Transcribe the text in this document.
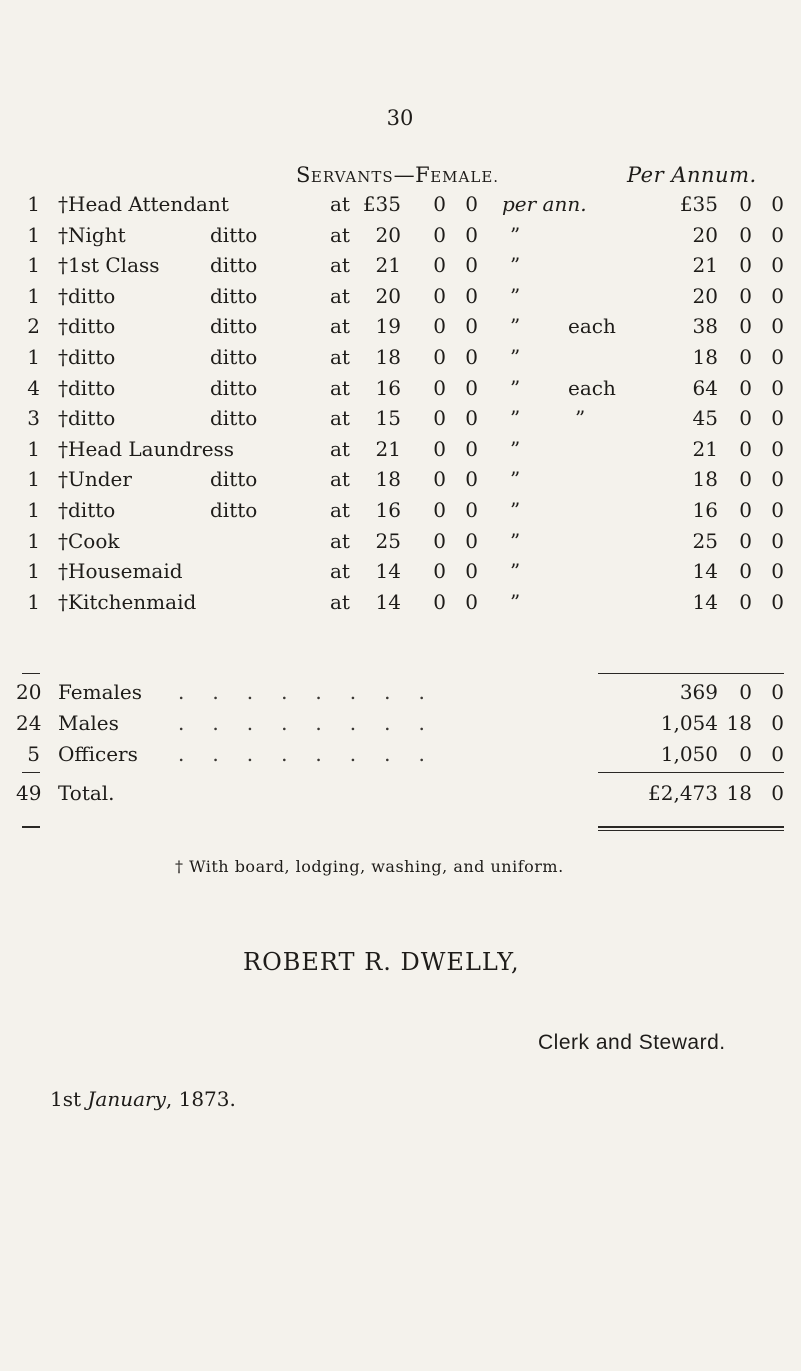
30
SERVANTS—FEMALE.	Per Annum.
1 †Head Attendant	at £35	0 0 per ann.	£35	0 0
1 †Night	ditto	at	20	0 0 ”	20	0 0
1 †1st Class	ditto	at	21	0 0 ”	21	0 0
1 †ditto	ditto	at	20	0 0 ”	20	0 0
2 †ditto	ditto	at	19	0 0 ” each	38	0 0
1 †ditto	ditto	at	18	0 0 ”	18	0 0
4 †ditto	ditto	at	16	0 0 ” each	64	0 0
3 †ditto	ditto	at	15	0 0 ”	”	45	0 0
1 †Head Laundress	at	21	0 0 ”	21	0 0
1 †Under	ditto	at	18	0 0 ”	18	0 0
1 †ditto	ditto	at	16	0 0 ”	16	0 0
1 †Cook	at	25	0 0 ”	25	0 0
1 †Housemaid	at	14	0 0 ”	14	0 0
1 †Kitchenmaid	at	14	0 0 ”	14	0 0
20 Females	369	0 0
........
24 Males	1,054 18 0
........
5 Officers	1,050	0 0
........
49 Total.	£2,473 18 0
† With board, lodging, washing, and uniform.
ROBERT R. DWELLY,
Clerk and Steward.
1st January, 1873.
